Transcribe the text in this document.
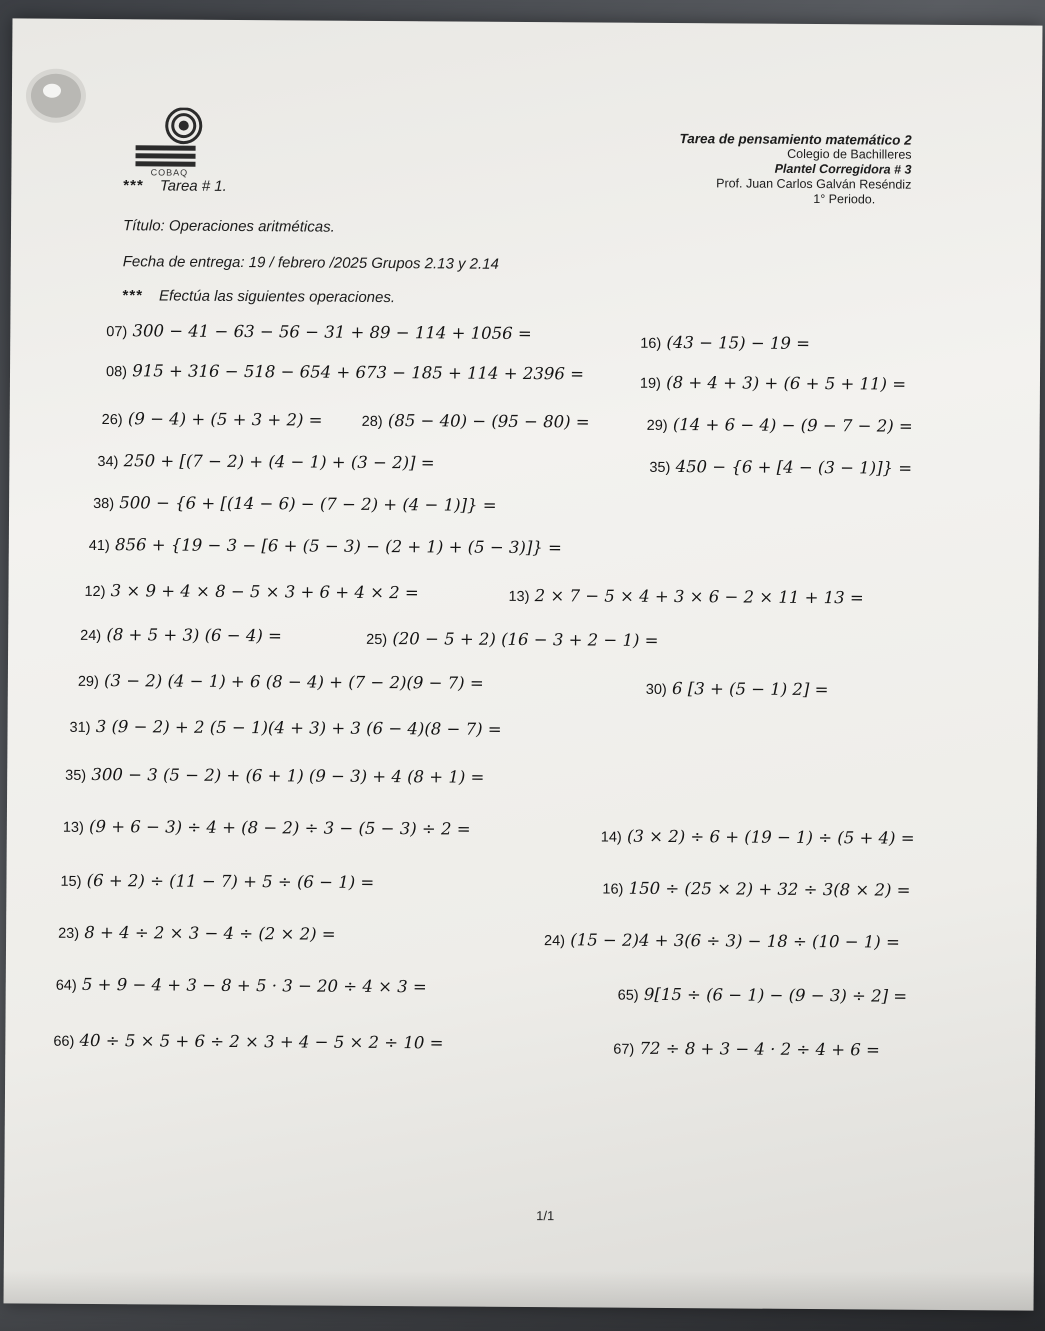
COBAQ
Tarea de pensamiento matemático 2
Colegio de Bachilleres
Plantel Corregidora # 3
Prof. Juan Carlos Galván Reséndiz
1° Periodo.
*** Tarea # 1.
Título: Operaciones aritméticas.
Fecha de entrega: 19 / febrero /2025 Grupos 2.13 y 2.14
*** Efectúa las siguientes operaciones.
07) 300 − 41 − 63 − 56 − 31 + 89 − 114 + 1056 =
16) (43 − 15) − 19 =
08) 915 + 316 − 518 − 654 + 673 − 185 + 114 + 2396 =
19) (8 + 4 + 3) + (6 + 5 + 11) =
26) (9 − 4) + (5 + 3 + 2) =	28) (85 − 40) − (95 − 80) =	29) (14 + 6 − 4) − (9 − 7 − 2) =
34) 250 + [(7 − 2) + (4 − 1) + (3 − 2)] =	35) 450 − {6 + [4 − (3 − 1)]} =
38) 500 − {6 + [(14 − 6) − (7 − 2) + (4 − 1)]} =
41) 856 + {19 − 3 − [6 + (5 − 3) − (2 + 1) + (5 − 3)]} =
12) 3 × 9 + 4 × 8 − 5 × 3 + 6 + 4 × 2 =	13) 2 × 7 − 5 × 4 + 3 × 6 − 2 × 11 + 13 =
24) (8 + 5 + 3) (6 − 4) =	25) (20 − 5 + 2) (16 − 3 + 2 − 1) =
29) (3 − 2) (4 − 1) + 6 (8 − 4) + (7 − 2)(9 − 7) =	30) 6 [3 + (5 − 1) 2] =
31) 3 (9 − 2) + 2 (5 − 1)(4 + 3) + 3 (6 − 4)(8 − 7) =
35) 300 − 3 (5 − 2) + (6 + 1) (9 − 3) + 4 (8 + 1) =
13) (9 + 6 − 3) ÷ 4 + (8 − 2) ÷ 3 − (5 − 3) ÷ 2 =	14) (3 × 2) ÷ 6 + (19 − 1) ÷ (5 + 4) =
15) (6 + 2) ÷ (11 − 7) + 5 ÷ (6 − 1) =	16) 150 ÷ (25 × 2) + 32 ÷ 3(8 × 2) =
23) 8 + 4 ÷ 2 × 3 − 4 ÷ (2 × 2) =	24) (15 − 2)4 + 3(6 ÷ 3) − 18 ÷ (10 − 1) =
64) 5 + 9 − 4 + 3 − 8 + 5 · 3 − 20 ÷ 4 × 3 =	65) 9[15 ÷ (6 − 1) − (9 − 3) ÷ 2] =
66) 40 ÷ 5 × 5 + 6 ÷ 2 × 3 + 4 − 5 × 2 ÷ 10 =	67) 72 ÷ 8 + 3 − 4 · 2 ÷ 4 + 6 =
1/1
